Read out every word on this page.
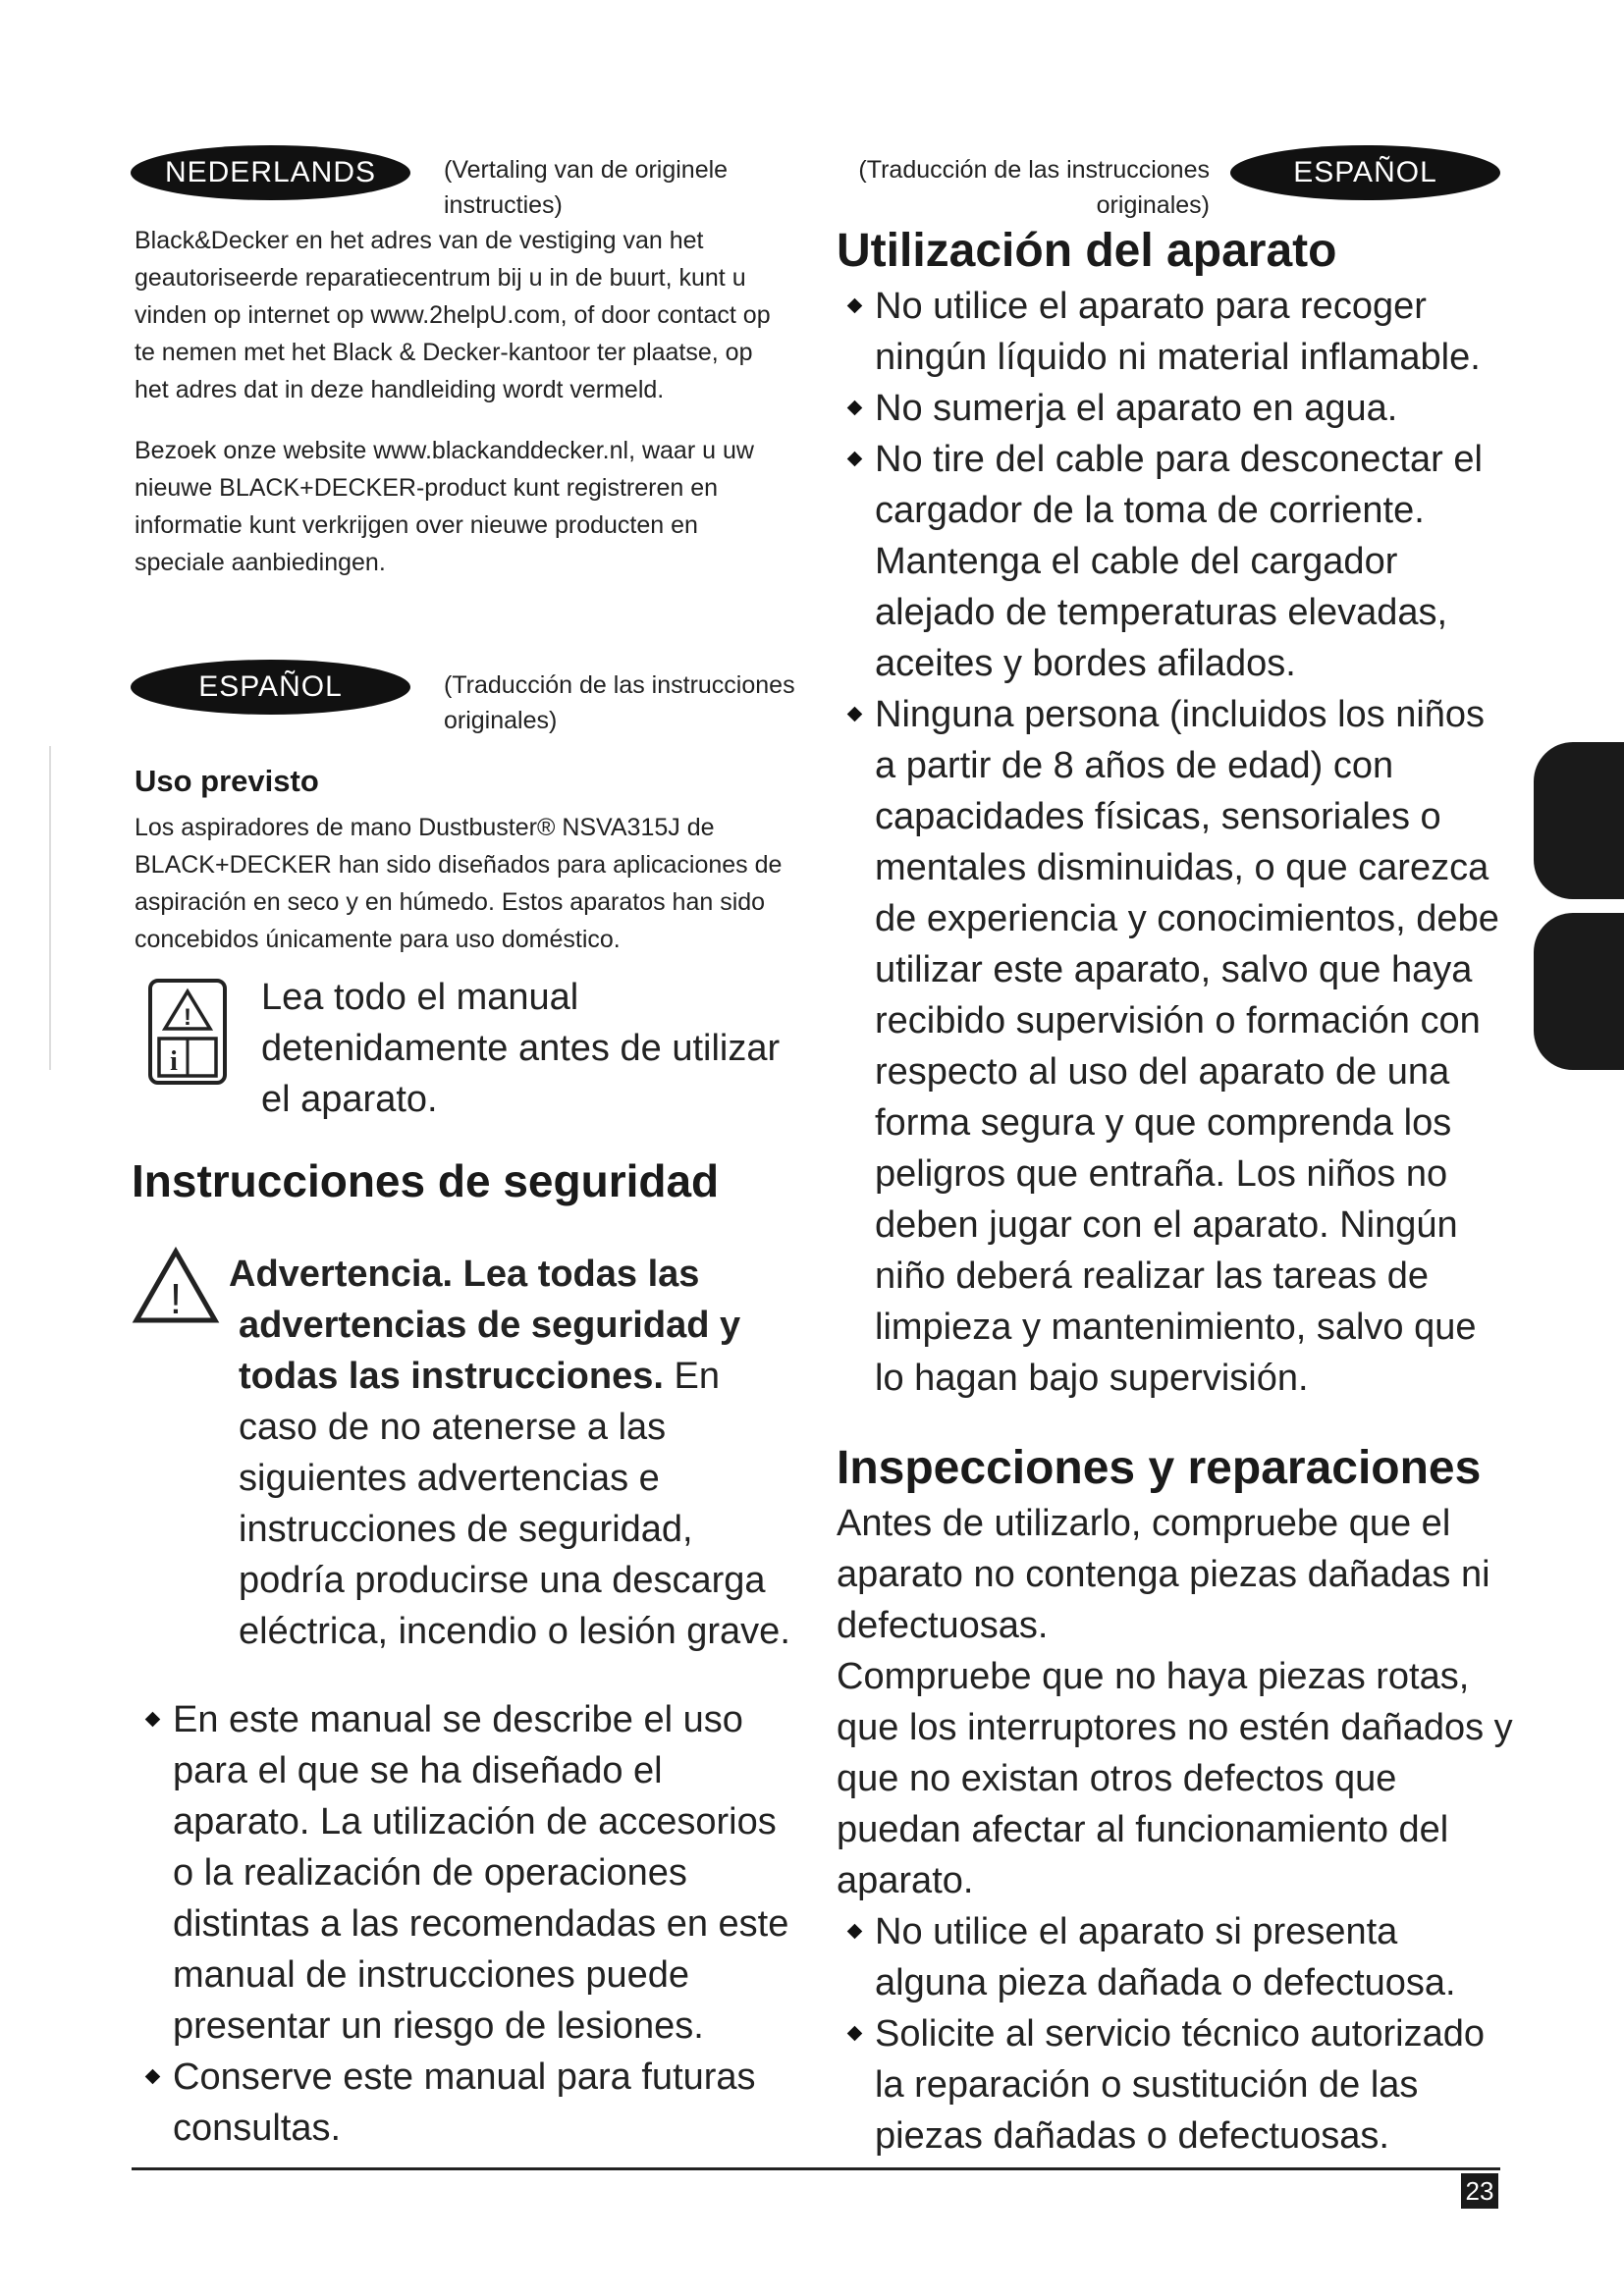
NEDERLANDS	(Vertaling van de originele instructies)

Black&Decker en het adres van de vestiging van het geautoriseerde reparatiecentrum bij u in de buurt, kunt u vinden op internet op www.2helpU.com, of door contact op te nemen met het Black & Decker-kantoor ter plaatse, op het adres dat in deze handleiding wordt vermeld.

Bezoek onze website www.blackanddecker.nl, waar u uw nieuwe BLACK+DECKER-product kunt registreren en informatie kunt verkrijgen over nieuwe producten en speciale aanbiedingen.

ESPAÑOL	(Traducción de las instrucciones originales)
Uso previsto

Los aspiradores de mano Dustbuster® NSVA315J de BLACK+DECKER han sido diseñados para aplicaciones de aspiración en seco y en húmedo. Estos aparatos han sido concebidos únicamente para uso doméstico.

!
i

Lea todo el manual detenidamente antes de utilizar el aparato.

Instrucciones de seguridad
!

Advertencia. Lea todas las advertencias de seguridad y todas las instrucciones. En caso de no atenerse a las siguientes advertencias e instrucciones de seguridad, podría producirse una descarga eléctrica, incendio o lesión grave.

En este manual se describe el uso para el que se ha diseñado el aparato. La utilización de accesorios o la realización de operaciones distintas a las recomendadas en este manual de instrucciones puede presentar un riesgo de lesiones.
Conserve este manual para futuras consultas.
(Traducción de las instrucciones originales)
ESPAÑOL
Utilización del aparato
No utilice el aparato para recoger ningún líquido ni material inflamable.
No sumerja el aparato en agua.
No tire del cable para desconectar el cargador de la toma de corriente. Mantenga el cable del cargador alejado de temperaturas elevadas, aceites y bordes afilados.
Ninguna persona (incluidos los niños a partir de 8 años de edad) con capacidades físicas, sensoriales o mentales disminuidas, o que carezca de experiencia y conocimientos, debe utilizar este aparato, salvo que haya recibido supervisión o formación con respecto al uso del aparato de una forma segura y que comprenda los peligros que entraña. Los niños no deben jugar con el aparato. Ningún niño deberá realizar las tareas de limpieza y mantenimiento, salvo que lo hagan bajo supervisión.
Inspecciones y reparaciones

Antes de utilizarlo, compruebe que el aparato no contenga piezas dañadas ni defectuosas.

Compruebe que no haya piezas rotas, que los interruptores no estén dañados y que no existan otros defectos que puedan afectar al funcionamiento del aparato.

No utilice el aparato si presenta alguna pieza dañada o defectuosa.
Solicite al servicio técnico autorizado la reparación o sustitución de las piezas dañadas o defectuosas.
23
